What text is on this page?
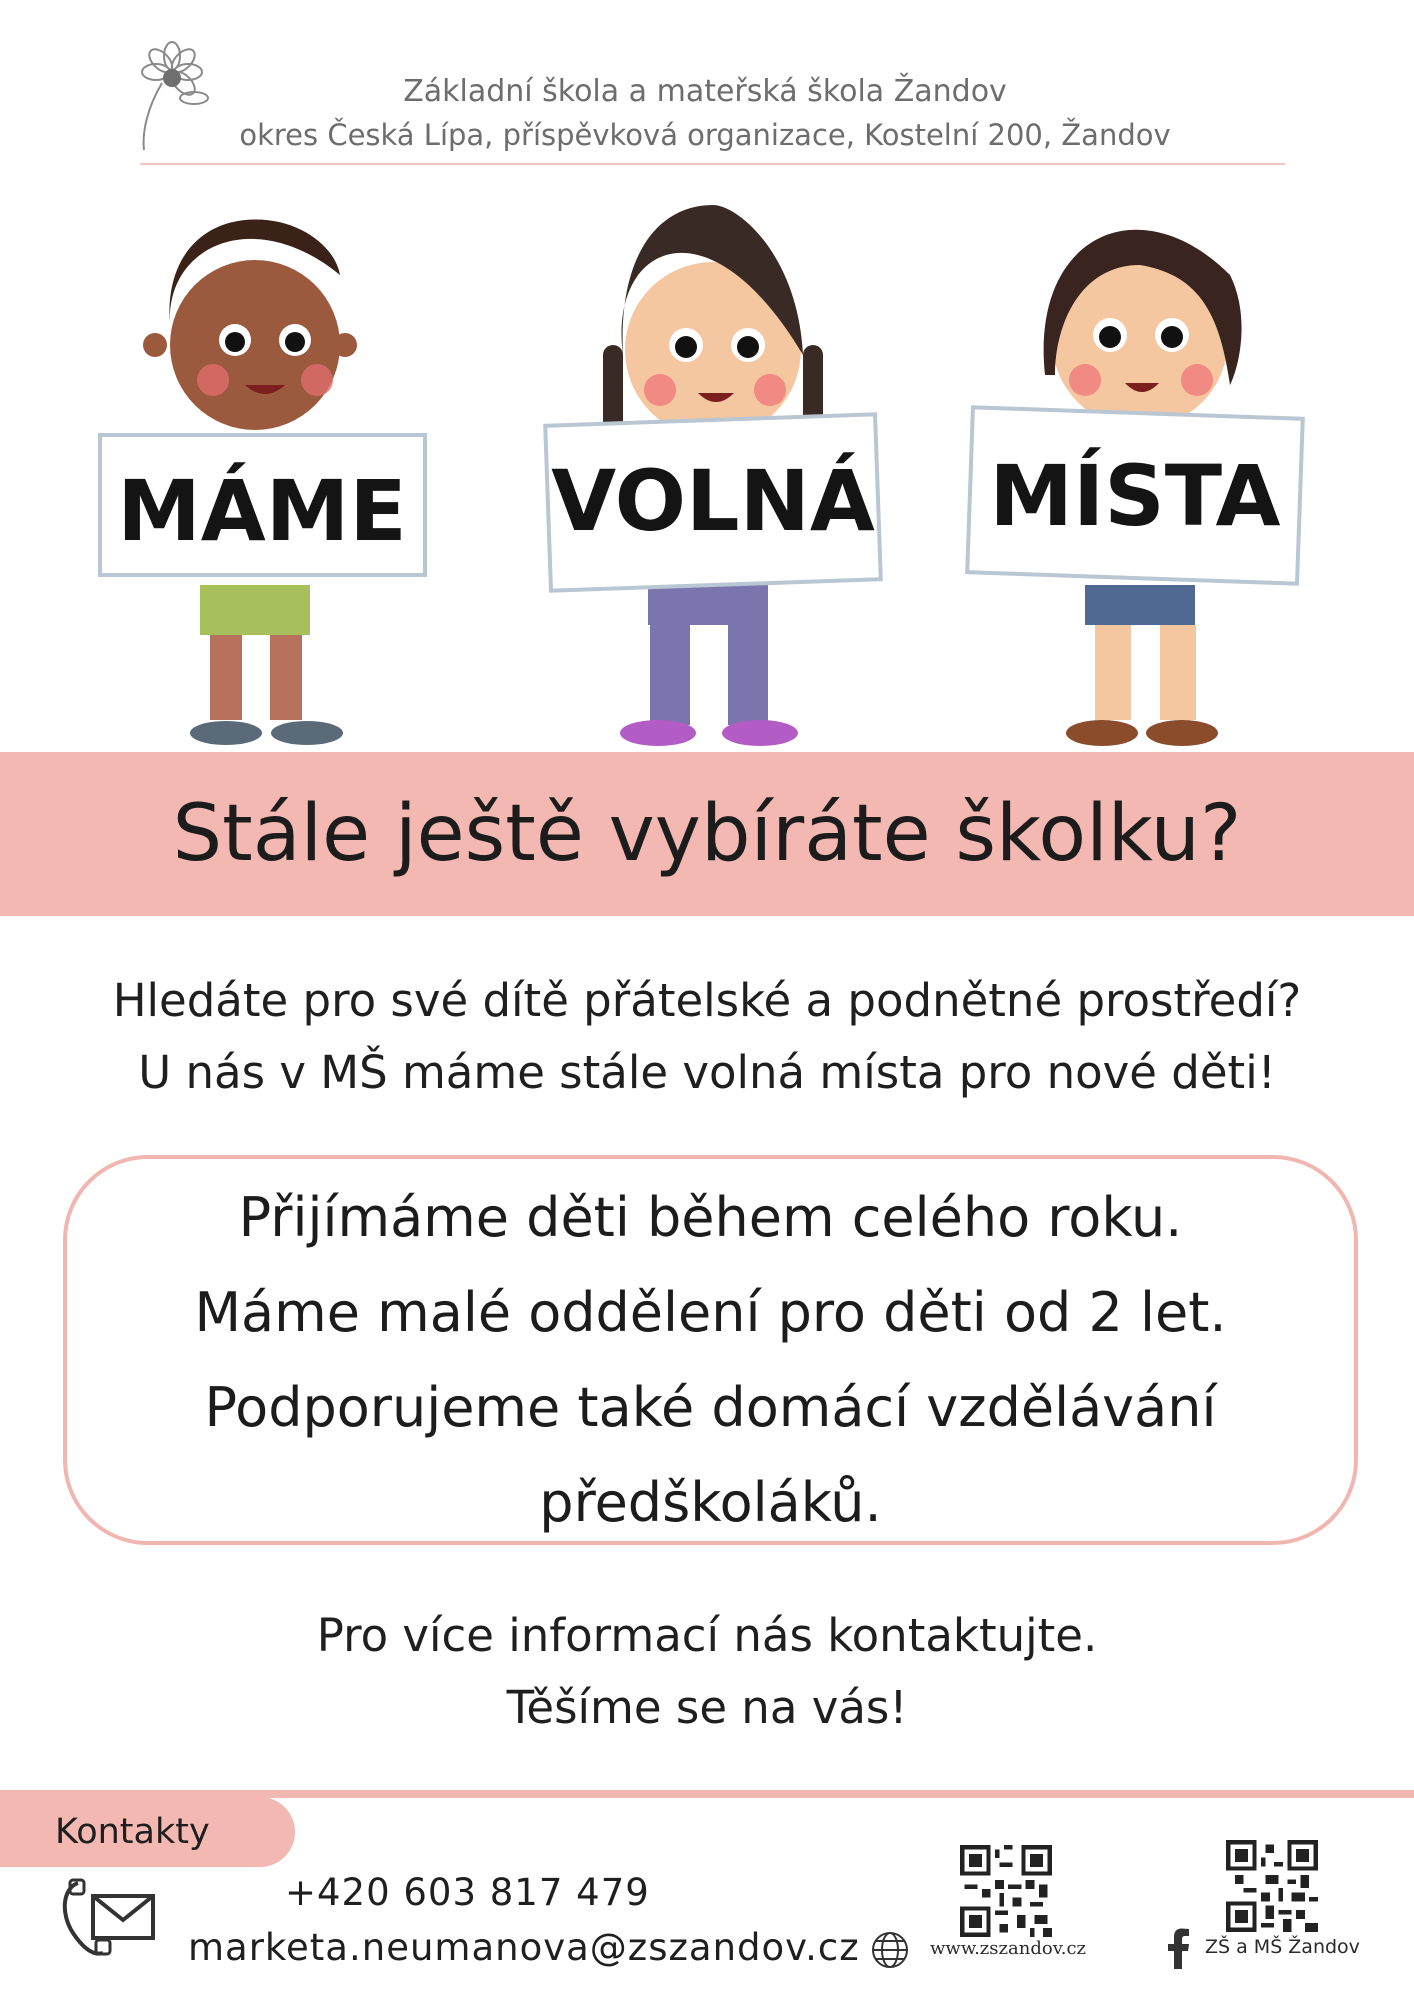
Základní škola a mateřská škola Žandov
okres Česká Lípa, příspěvková organizace, Kostelní 200, Žandov
MÁME VOLNÁ MÍSTA
Stále ještě vybíráte školku?
Hledáte pro své dítě přátelské a podnětné prostředí?
U nás v MŠ máme stále volná místa pro nové děti!
Přijímáme děti během celého roku.
Máme malé oddělení pro děti od 2 let.
Podporujeme také domácí vzdělávání
předškoláků.
Pro více informací nás kontaktujte.
Těšíme se na vás!
Kontakty
+420 603 817 479
marketa.neumanova@zszandov.cz	www.zszandov.cz	ZŠ a MŠ Žandov
